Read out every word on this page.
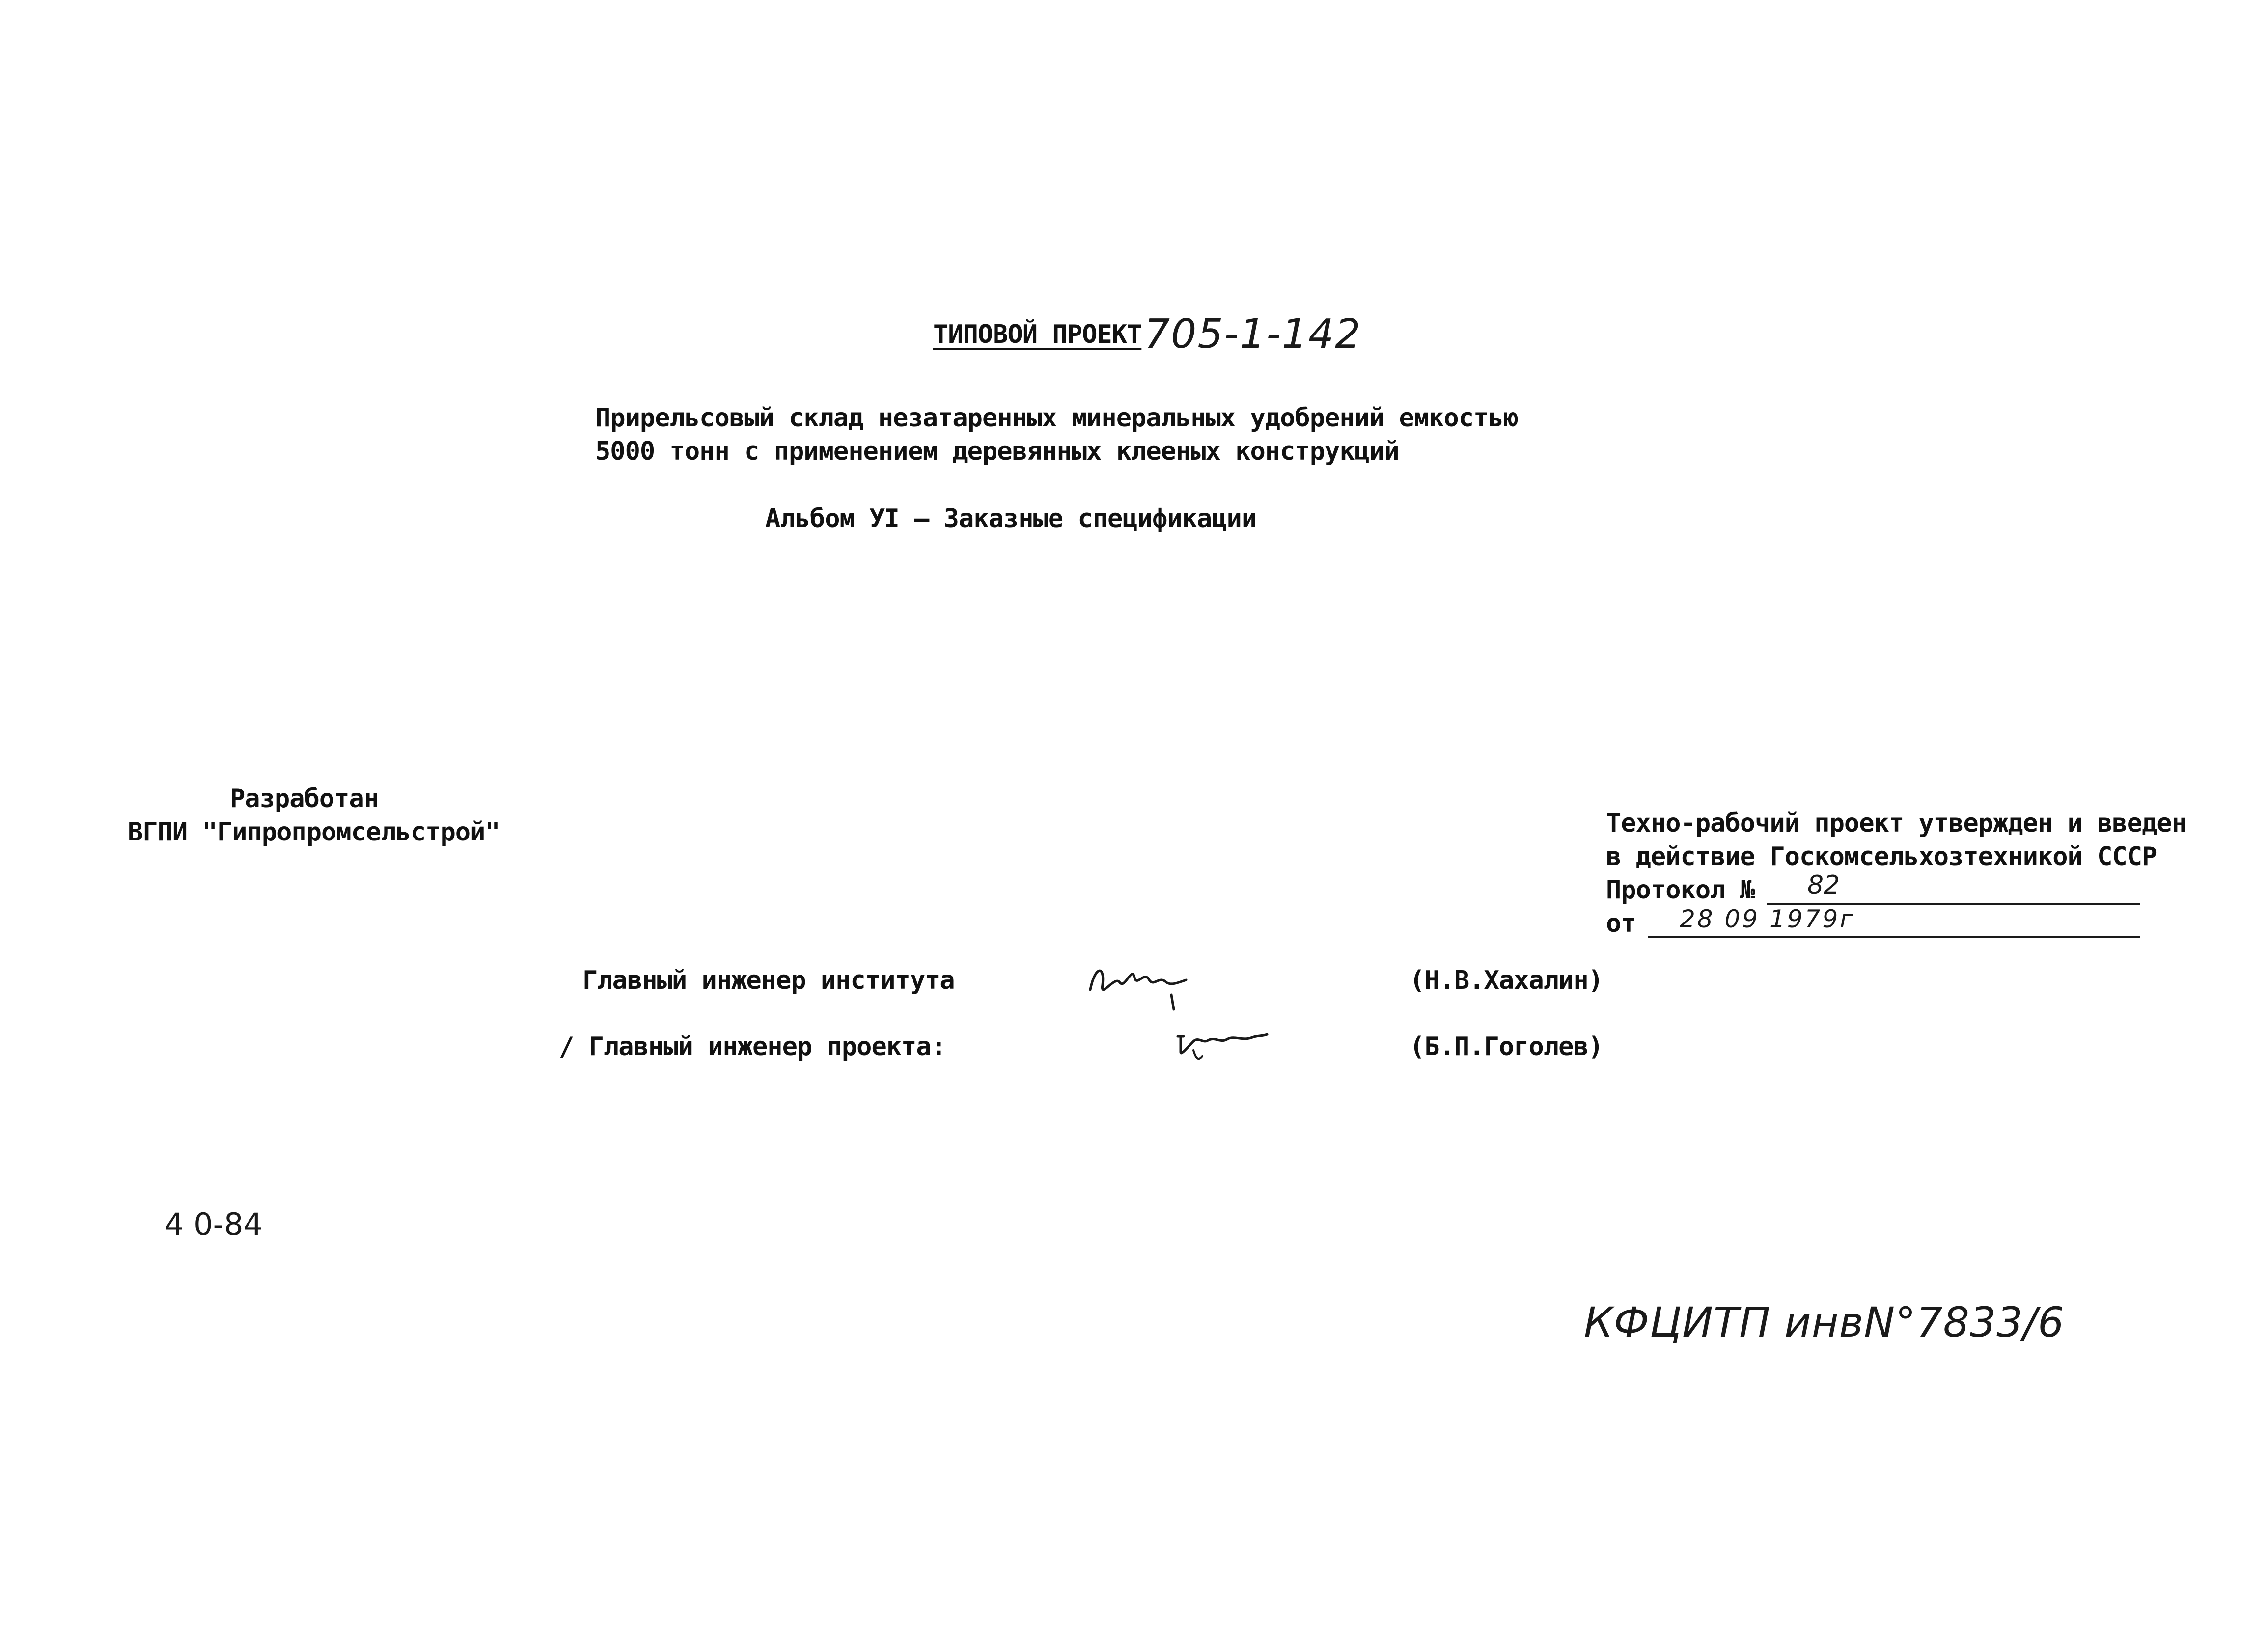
ТИПОВОЙ ПРОЕКТ 705-1-142
Прирельсовый склад незатаренных минеральных удобрений емкостью
5000 тонн с применением деревянных клееных конструкций
Альбом УI – Заказные спецификации
Разработан
ВГПИ "Гипропромсельстрой"	Техно-рабочий проект утвержден и введен
в действие Госкомсельхозтехникой СССР
Протокол № 82
от 28 09 1979г
Главный инженер института	(Н.В.Хахалин)
/ Главный инженер проекта:	(Б.П.Гоголев)
4 0-84
КФЦИТП инвN°7833/6
